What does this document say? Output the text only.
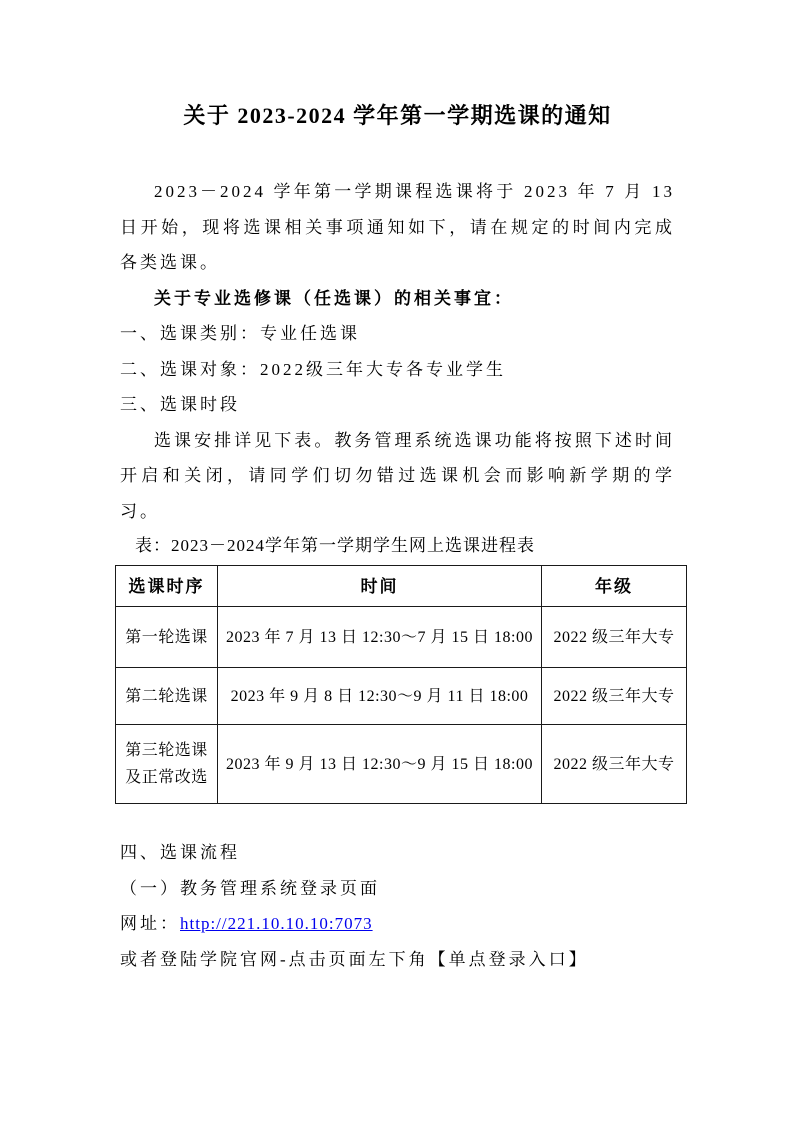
关于 2023-2024 学年第一学期选课的通知

2023－2024 学年第一学期课程选课将于 2023 年 7 月 13 日开始，现将选课相关事项通知如下，请在规定的时间内完成各类选课。

关于专业选修课（任选课）的相关事宜：

一、选课类别：专业任选课
二、选课对象：2022级三年大专各专业学生
三、选课时段

选课安排详见下表。教务管理系统选课功能将按照下述时间开启和关闭，请同学们切勿错过选课机会而影响新学期的学习。

表：2023－2024学年第一学期学生网上选课进程表
选课时序	时间	年级
第一轮选课	2023 年 7 月 13 日 12:30～7 月 15 日 18:00	2022 级三年大专
第二轮选课	2023 年 9 月 8 日 12:30～9 月 11 日 18:00	2022 级三年大专
第三轮选课及正常改选	2023 年 9 月 13 日 12:30～9 月 15 日 18:00	2022 级三年大专
四、选课流程
（一）教务管理系统登录页面
网址：http://221.10.10.10:7073
或者登陆学院官网-点击页面左下角【单点登录入口】
